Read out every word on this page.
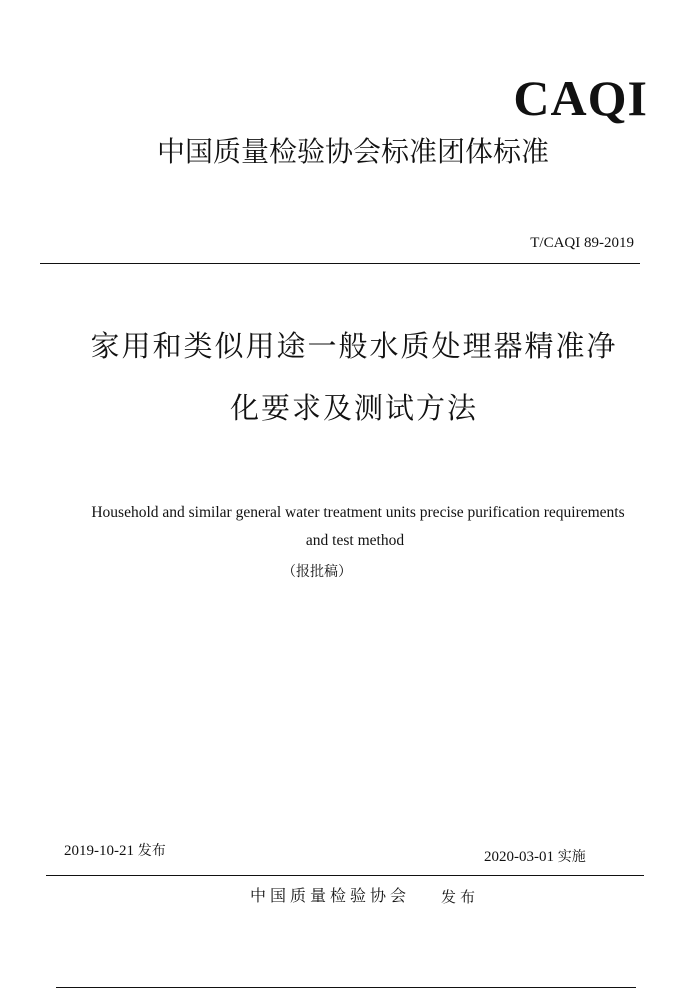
CAQI
中国质量检验协会标准团体标准
T/CAQI 89-2019
家用和类似用途一般水质处理器精准净
化要求及测试方法
Household and similar general water treatment units precise purification requirements
and test method
（报批稿）
2019-10-21 发布	2020-03-01 实施
中国质量检验协会 发布
